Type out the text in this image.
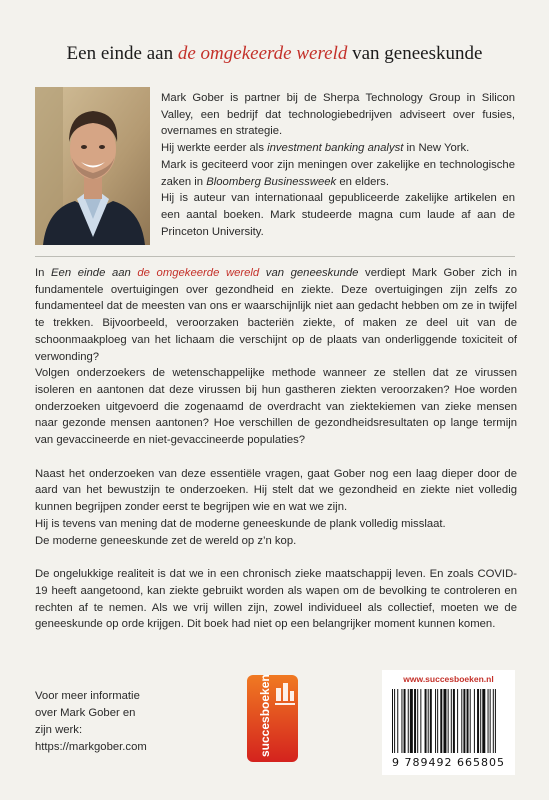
Een einde aan de omgekeerde wereld van geneeskunde

Mark Gober is partner bij de Sherpa Technology Group in Silicon Valley, een bedrijf dat technologiebedrijven adviseert over fusies, overnames en strategie.

Hij werkte eerder als investment banking analyst in New York.

Mark is geciteerd voor zijn meningen over zakelijke en technologische zaken in Bloomberg Businessweek en elders.

Hij is auteur van internationaal gepubliceerde zakelijke artikelen en een aantal boeken. Mark studeerde magna cum laude af aan de Princeton University.

In Een einde aan de omgekeerde wereld van geneeskunde verdiept Mark Gober zich in fundamentele overtuigingen over gezondheid en ziekte. Deze overtuigingen zijn zelfs zo fundamenteel dat de meesten van ons er waarschijnlijk niet aan gedacht hebben om ze in twijfel te trekken. Bijvoorbeeld, veroorzaken bacteriën ziekte, of maken ze deel uit van de schoonmaakploeg van het lichaam die verschijnt op de plaats van onderliggende toxiciteit of verwonding?

Volgen onderzoekers de wetenschappelijke methode wanneer ze stellen dat ze virussen isoleren en aantonen dat deze virussen bij hun gastheren ziekten veroorzaken? Hoe worden onderzoeken uitgevoerd die zogenaamd de overdracht van ziektekiemen van zieke mensen naar gezonde mensen aantonen? Hoe verschillen de gezondheidsresultaten op lange termijn van gevaccineerde en niet-gevaccineerde populaties?

Naast het onderzoeken van deze essentiële vragen, gaat Gober nog een laag dieper door de aard van het bewustzijn te onderzoeken. Hij stelt dat we gezondheid en ziekte niet volledig kunnen begrijpen zonder eerst te begrijpen wie en wat we zijn.

Hij is tevens van mening dat de moderne geneeskunde de plank volledig misslaat.

De moderne geneeskunde zet de wereld op z’n kop.

De ongelukkige realiteit is dat we in een chronisch zieke maatschappij leven. En zoals COVID-19 heeft aangetoond, kan ziekte gebruikt worden als wapen om de bevolking te controleren en rechten af te nemen. Als we vrij willen zijn, zowel individueel als collectief, moeten we de geneeskunde op orde krijgen. Dit boek had niet op een belangrijker moment kunnen komen.

Voor meer informatie
over Mark Gober en
zijn werk:
https://markgober.com	succesboeken.nl	www.succesboeken.nl
9 789492 665805
